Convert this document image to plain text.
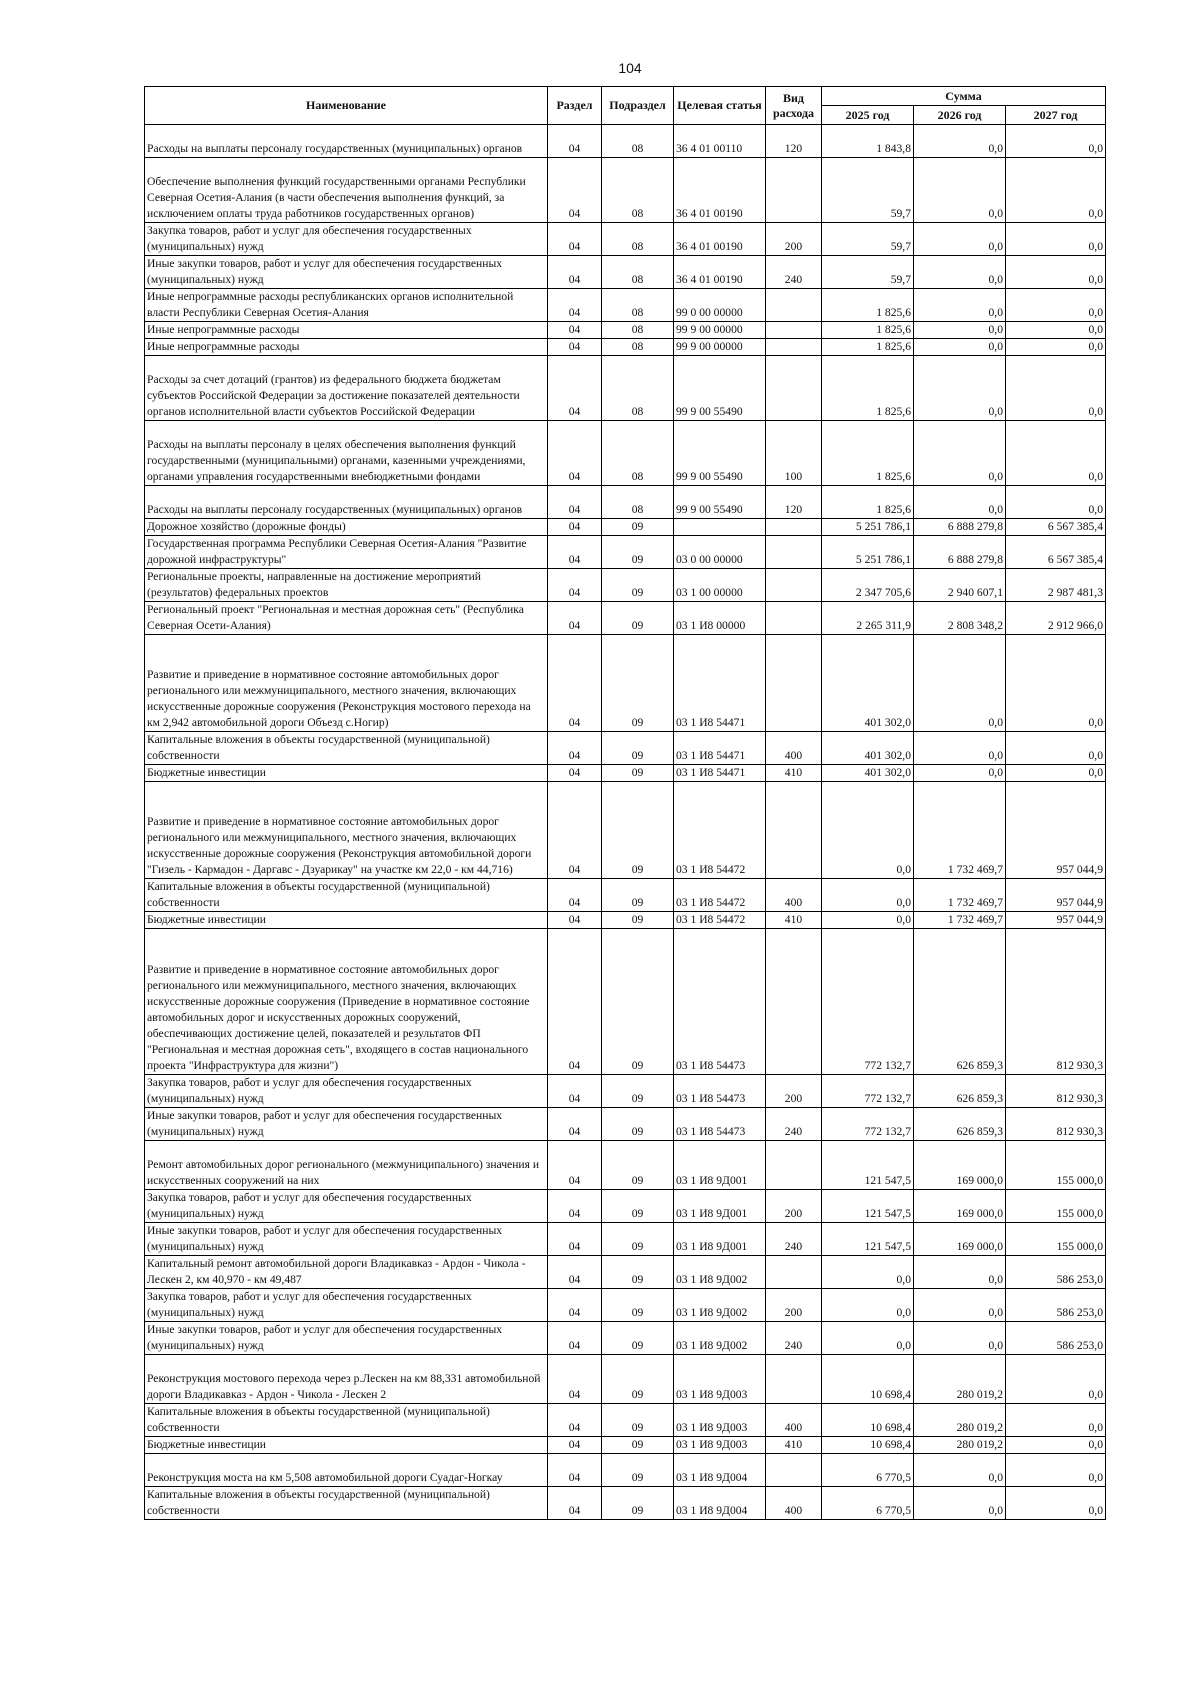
104
Наименование	Раздел	Подраздел	Целевая статья	Вид расхода	Сумма		
					2025 год	2026 год	2027 год
Расходы на выплаты персоналу государственных (муниципальных) органов	04	08	36 4 01 00110	120	1 843,8	0,0	0,0
Обеспечение выполнения функций государственными органами Республики Северная Осетия-Алания (в части обеспечения выполнения функций, за исключением оплаты труда работников государственных органов)	04	08	36 4 01 00190		59,7	0,0	0,0
Закупка товаров, работ и услуг для обеспечения государственных (муниципальных) нужд	04	08	36 4 01 00190	200	59,7	0,0	0,0
Иные закупки товаров, работ и услуг для обеспечения государственных (муниципальных) нужд	04	08	36 4 01 00190	240	59,7	0,0	0,0
Иные непрограммные расходы республиканских органов исполнительной власти Республики Северная Осетия-Алания	04	08	99 0 00 00000		1 825,6	0,0	0,0
Иные непрограммные расходы	04	08	99 9 00 00000		1 825,6	0,0	0,0
Иные непрограммные расходы	04	08	99 9 00 00000		1 825,6	0,0	0,0
Расходы за счет дотаций (грантов) из федерального бюджета бюджетам субъектов Российской Федерации за достижение показателей деятельности органов исполнительной власти субъектов Российской Федерации	04	08	99 9 00 55490		1 825,6	0,0	0,0
Расходы на выплаты персоналу в целях обеспечения выполнения функций государственными (муниципальными) органами, казенными учреждениями, органами управления государственными внебюджетными фондами	04	08	99 9 00 55490	100	1 825,6	0,0	0,0
Расходы на выплаты персоналу государственных (муниципальных) органов	04	08	99 9 00 55490	120	1 825,6	0,0	0,0
Дорожное хозяйство (дорожные фонды)	04	09			5 251 786,1	6 888 279,8	6 567 385,4
Государственная программа Республики Северная Осетия-Алания "Развитие дорожной инфраструктуры"	04	09	03 0 00 00000		5 251 786,1	6 888 279,8	6 567 385,4
Региональные проекты, направленные на достижение мероприятий (результатов) федеральных проектов	04	09	03 1 00 00000		2 347 705,6	2 940 607,1	2 987 481,3
Региональный проект "Региональная и местная дорожная сеть" (Республика Северная Осети-Алания)	04	09	03 1 И8 00000		2 265 311,9	2 808 348,2	2 912 966,0
Развитие и приведение в нормативное состояние автомобильных дорог регионального или межмуниципального, местного значения, включающих искусственные дорожные сооружения (Реконструкция мостового перехода на км 2,942 автомобильной дороги Объезд с.Ногир)	04	09	03 1 И8 54471		401 302,0	0,0	0,0
Капитальные вложения в объекты государственной (муниципальной) собственности	04	09	03 1 И8 54471	400	401 302,0	0,0	0,0
Бюджетные инвестиции	04	09	03 1 И8 54471	410	401 302,0	0,0	0,0
Развитие и приведение в нормативное состояние автомобильных дорог регионального или межмуниципального, местного значения, включающих искусственные дорожные сооружения (Реконструкция автомобильной дороги "Гизель - Кармадон - Даргавс - Дзуарикау" на участке км 22,0 - км 44,716)	04	09	03 1 И8 54472		0,0	1 732 469,7	957 044,9
Капитальные вложения в объекты государственной (муниципальной) собственности	04	09	03 1 И8 54472	400	0,0	1 732 469,7	957 044,9
Бюджетные инвестиции	04	09	03 1 И8 54472	410	0,0	1 732 469,7	957 044,9
Развитие и приведение в нормативное состояние автомобильных дорог регионального или межмуниципального, местного значения, включающих искусственные дорожные сооружения (Приведение в нормативное состояние автомобильных дорог и искусственных дорожных сооружений, обеспечивающих достижение целей, показателей и результатов ФП "Региональная и местная дорожная сеть", входящего в состав национального проекта "Инфраструктура для жизни")	04	09	03 1 И8 54473		772 132,7	626 859,3	812 930,3
Закупка товаров, работ и услуг для обеспечения государственных (муниципальных) нужд	04	09	03 1 И8 54473	200	772 132,7	626 859,3	812 930,3
Иные закупки товаров, работ и услуг для обеспечения государственных (муниципальных) нужд	04	09	03 1 И8 54473	240	772 132,7	626 859,3	812 930,3
Ремонт автомобильных дорог регионального (межмуниципального) значения и искусственных сооружений на них	04	09	03 1 И8 9Д001		121 547,5	169 000,0	155 000,0
Закупка товаров, работ и услуг для обеспечения государственных (муниципальных) нужд	04	09	03 1 И8 9Д001	200	121 547,5	169 000,0	155 000,0
Иные закупки товаров, работ и услуг для обеспечения государственных (муниципальных) нужд	04	09	03 1 И8 9Д001	240	121 547,5	169 000,0	155 000,0
Капитальный ремонт автомобильной дороги Владикавказ - Ардон - Чикола - Лескен 2, км 40,970 - км 49,487	04	09	03 1 И8 9Д002		0,0	0,0	586 253,0
Закупка товаров, работ и услуг для обеспечения государственных (муниципальных) нужд	04	09	03 1 И8 9Д002	200	0,0	0,0	586 253,0
Иные закупки товаров, работ и услуг для обеспечения государственных (муниципальных) нужд	04	09	03 1 И8 9Д002	240	0,0	0,0	586 253,0
Реконструкция мостового перехода через р.Лескен на км 88,331 автомобильной дороги Владикавказ - Ардон - Чикола - Лескен 2	04	09	03 1 И8 9Д003		10 698,4	280 019,2	0,0
Капитальные вложения в объекты государственной (муниципальной) собственности	04	09	03 1 И8 9Д003	400	10 698,4	280 019,2	0,0
Бюджетные инвестиции	04	09	03 1 И8 9Д003	410	10 698,4	280 019,2	0,0
Реконструкция моста на км 5,508 автомобильной дороги Суадаг-Ногкау	04	09	03 1 И8 9Д004		6 770,5	0,0	0,0
Капитальные вложения в объекты государственной (муниципальной) собственности	04	09	03 1 И8 9Д004	400	6 770,5	0,0	0,0
